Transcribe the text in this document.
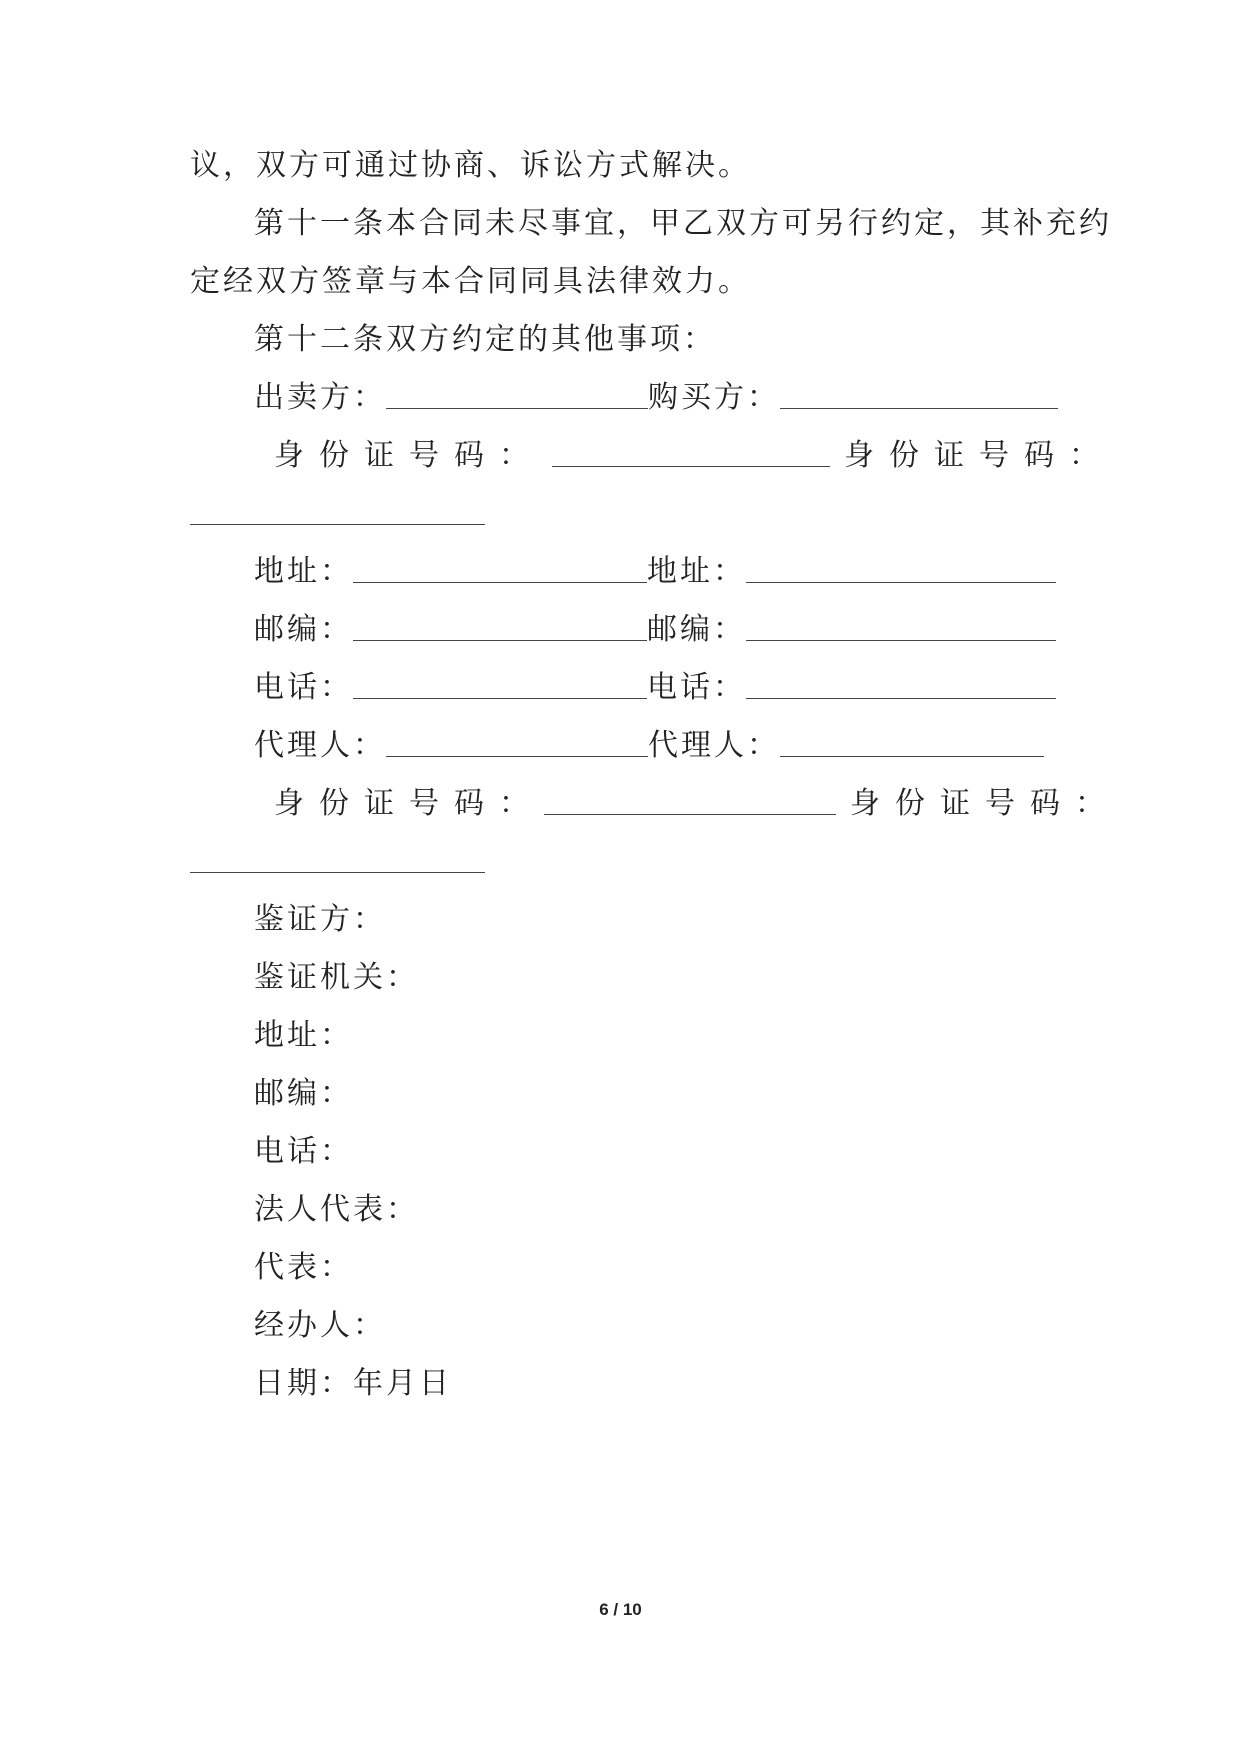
议，双方可通过协商、诉讼方式解决。
第十一条本合同未尽事宜，甲乙双方可另行约定，其补充约
定经双方签章与本合同同具法律效力。
第十二条双方约定的其他事项：
出卖方：	购买方：
身份证号码：	身份证号码：
地址：	地址：
邮编：	邮编：
电话：	电话：
代理人：	代理人：
身份证号码：	身份证号码：
鉴证方：
鉴证机关：
地址：
邮编：
电话：
法人代表：
代表：
经办人：
日期：年月日
6 / 10
